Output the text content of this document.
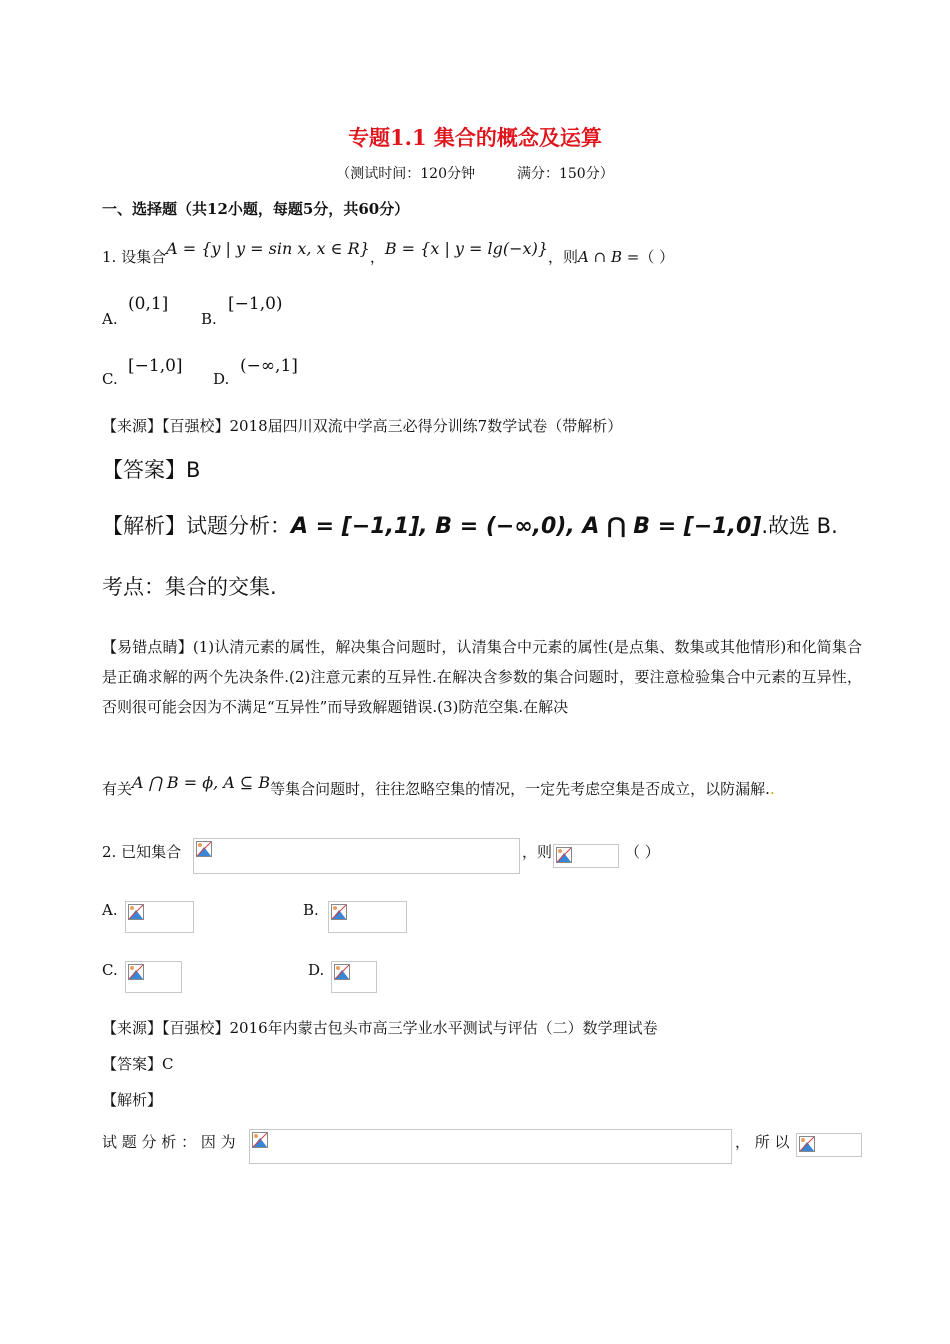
专题1.1 集合的概念及运算
（测试时间：120分钟　　　满分：150分）
一、选择题（共12小题，每题5分，共60分）
1. 设集合A = {y | y = sin x, x ∈ R}，B = {x | y = lg(−x)}，则A ∩ B =（ ）
A.
(0,1]
B.
[−1,0)
C.
[−1,0]
D.
(−∞,1]
【来源】【百强校】2018届四川双流中学高三必得分训练7数学试卷（带解析）
【答案】B
【解析】试题分析：A = [−1,1], B = (−∞,0), A ⋂ B = [−1,0].故选 B.
考点：集合的交集.
【易错点睛】(1)认清元素的属性，解决集合问题时，认清集合中元素的属性(是点集、数集或其他情形)和化简集合是正确求解的两个先决条件.(2)注意元素的互异性.在解决含参数的集合问题时，要注意检验集合中元素的互异性，否则很可能会因为不满足“互异性”而导致解题错误.(3)防范空集.在解决
有关A ⋂ B = ϕ, A ⊆ B等集合问题时，往往忽略空集的情况，一定先考虑空集是否成立，以防漏解..
2. 已知集合	，则	（ ）
A.	B.
C.	D.
【来源】【百强校】2016年内蒙古包头市高三学业水平测试与评估（二）数学理试卷
【答案】C
【解析】
试 题 分 析 ： 因 为	， 所 以
